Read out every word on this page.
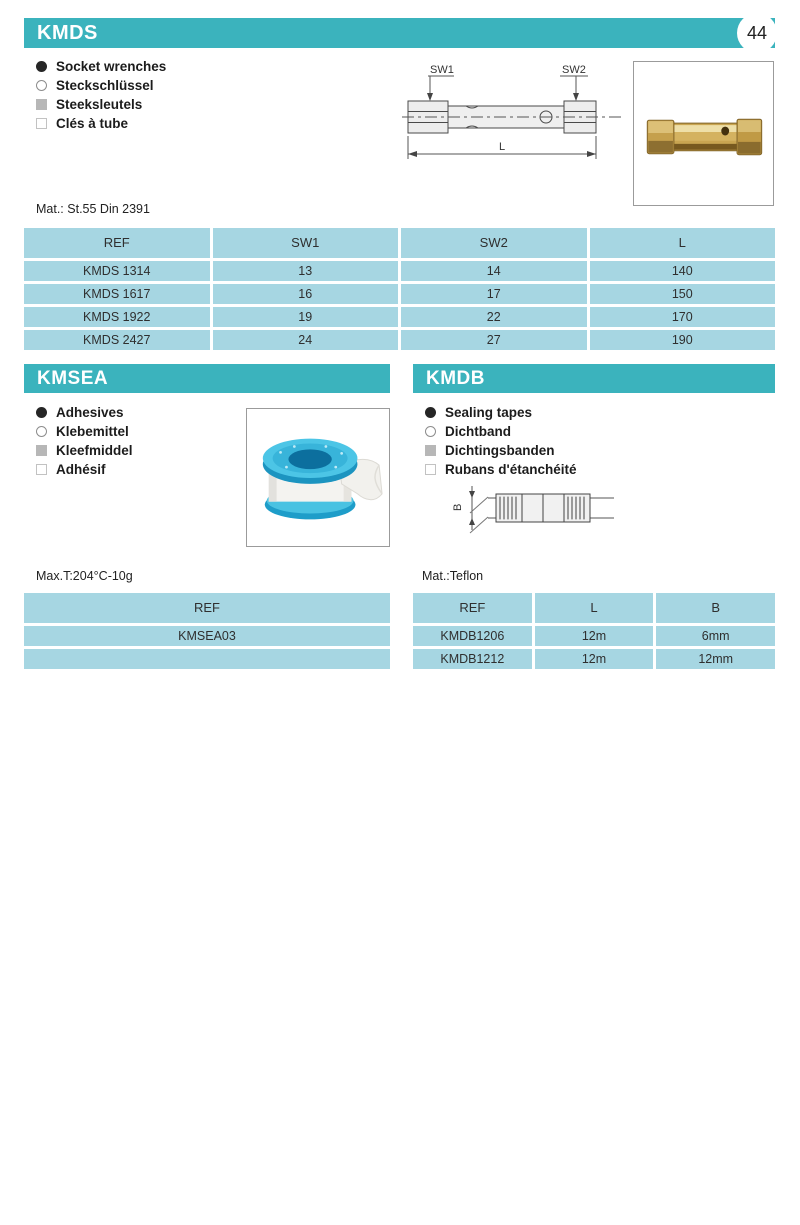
KMDS	44
Socket wrenches
Steckschlüssel
Steeksleutels
Clés à tube
SW1	SW2
L
Mat.: St.55 Din 2391
REF	SW1	SW2	L
KMDS 1314	13	14	140
KMDS 1617	16	17	150
KMDS 1922	19	22	170
KMDS 2427	24	27	190
KMSEA
Adhesives
Klebemittel
Kleefmiddel
Adhésif
Max.T:204°C-10g
REF
KMSEA03
KMDB
Sealing tapes
Dichtband
Dichtingsbanden
Rubans d'étanchéité
B
Mat.:Teflon
REF	L	B
KMDB1206	12m	6mm
KMDB1212	12m	12mm
